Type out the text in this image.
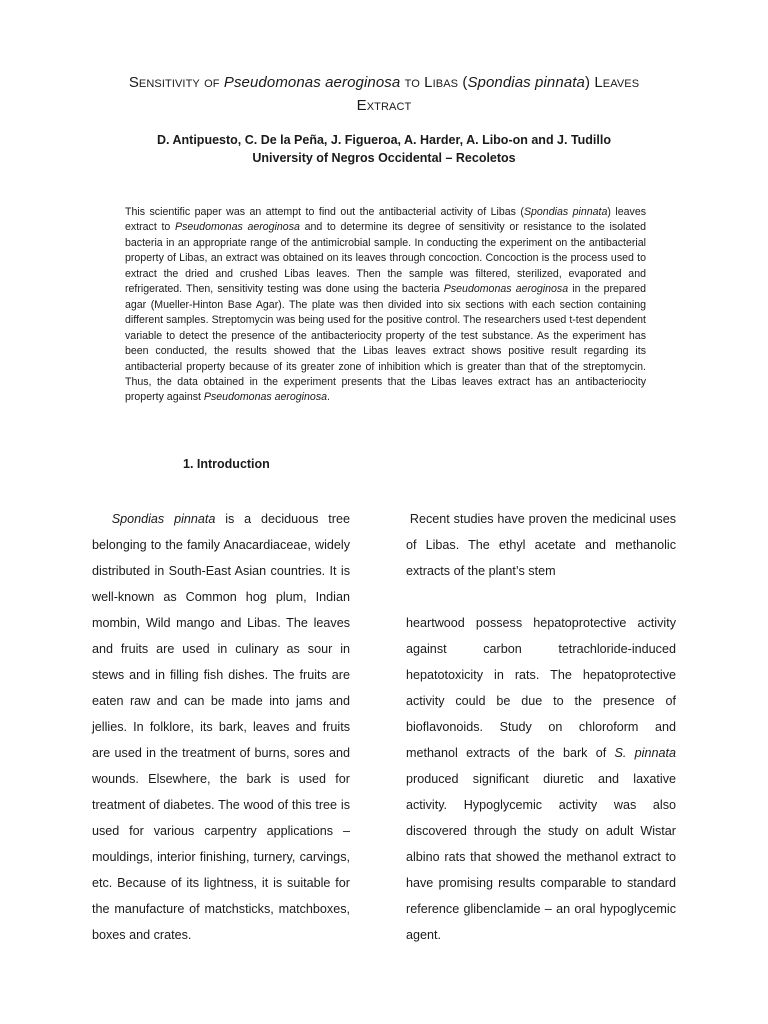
Sensitivity of Pseudomonas aeroginosa to Libas (Spondias pinnata) Leaves
Extract
D. Antipuesto, C. De la Peña, J. Figueroa, A. Harder, A. Libo-on and J. Tudillo
University of Negros Occidental – Recoletos
This scientific paper was an attempt to find out the antibacterial activity of Libas (Spondias pinnata) leaves extract to Pseudomonas aeroginosa and to determine its degree of sensitivity or resistance to the isolated bacteria in an appropriate range of the antimicrobial sample. In conducting the experiment on the antibacterial property of Libas, an extract was obtained on its leaves through concoction. Concoction is the process used to extract the dried and crushed Libas leaves. Then the sample was filtered, sterilized, evaporated and refrigerated. Then, sensitivity testing was done using the bacteria Pseudomonas aeroginosa in the prepared agar (Mueller-Hinton Base Agar). The plate was then divided into six sections with each section containing different samples. Streptomycin was being used for the positive control. The researchers used t-test dependent variable to detect the presence of the antibacteriocity property of the test substance. As the experiment has been conducted, the results showed that the Libas leaves extract shows positive result regarding its antibacterial property because of its greater zone of inhibition which is greater than that of the streptomycin. Thus, the data obtained in the experiment presents that the Libas leaves extract has an antibacteriocity property against Pseudomonas aeroginosa.
1. Introduction

Spondias pinnata is a deciduous tree belonging to the family Anacardiaceae, widely distributed in South-East Asian countries. It is well-known as Common hog plum, Indian mombin, Wild mango and Libas. The leaves and fruits are used in culinary as sour in stews and in filling fish dishes. The fruits are eaten raw and can be made into jams and jellies. In folklore, its bark, leaves and fruits are used in the treatment of burns, sores and wounds. Elsewhere, the bark is used for treatment of diabetes. The wood of this tree is used for various carpentry applications – mouldings, interior finishing, turnery, carvings, etc. Because of its lightness, it is suitable for the manufacture of matchsticks, matchboxes, boxes and crates.

Recent studies have proven the medicinal uses of Libas. The ethyl acetate and methanolic extracts of the plant’s stem

heartwood possess hepatoprotective activity against carbon tetrachloride-induced hepatotoxicity in rats. The hepatoprotective activity could be due to the presence of bioflavonoids. Study on chloroform and methanol extracts of the bark of S. pinnata produced significant diuretic and laxative activity. Hypoglycemic activity was also discovered through the study on adult Wistar albino rats that showed the methanol extract to have promising results comparable to standard reference glibenclamide – an oral hypoglycemic agent.
